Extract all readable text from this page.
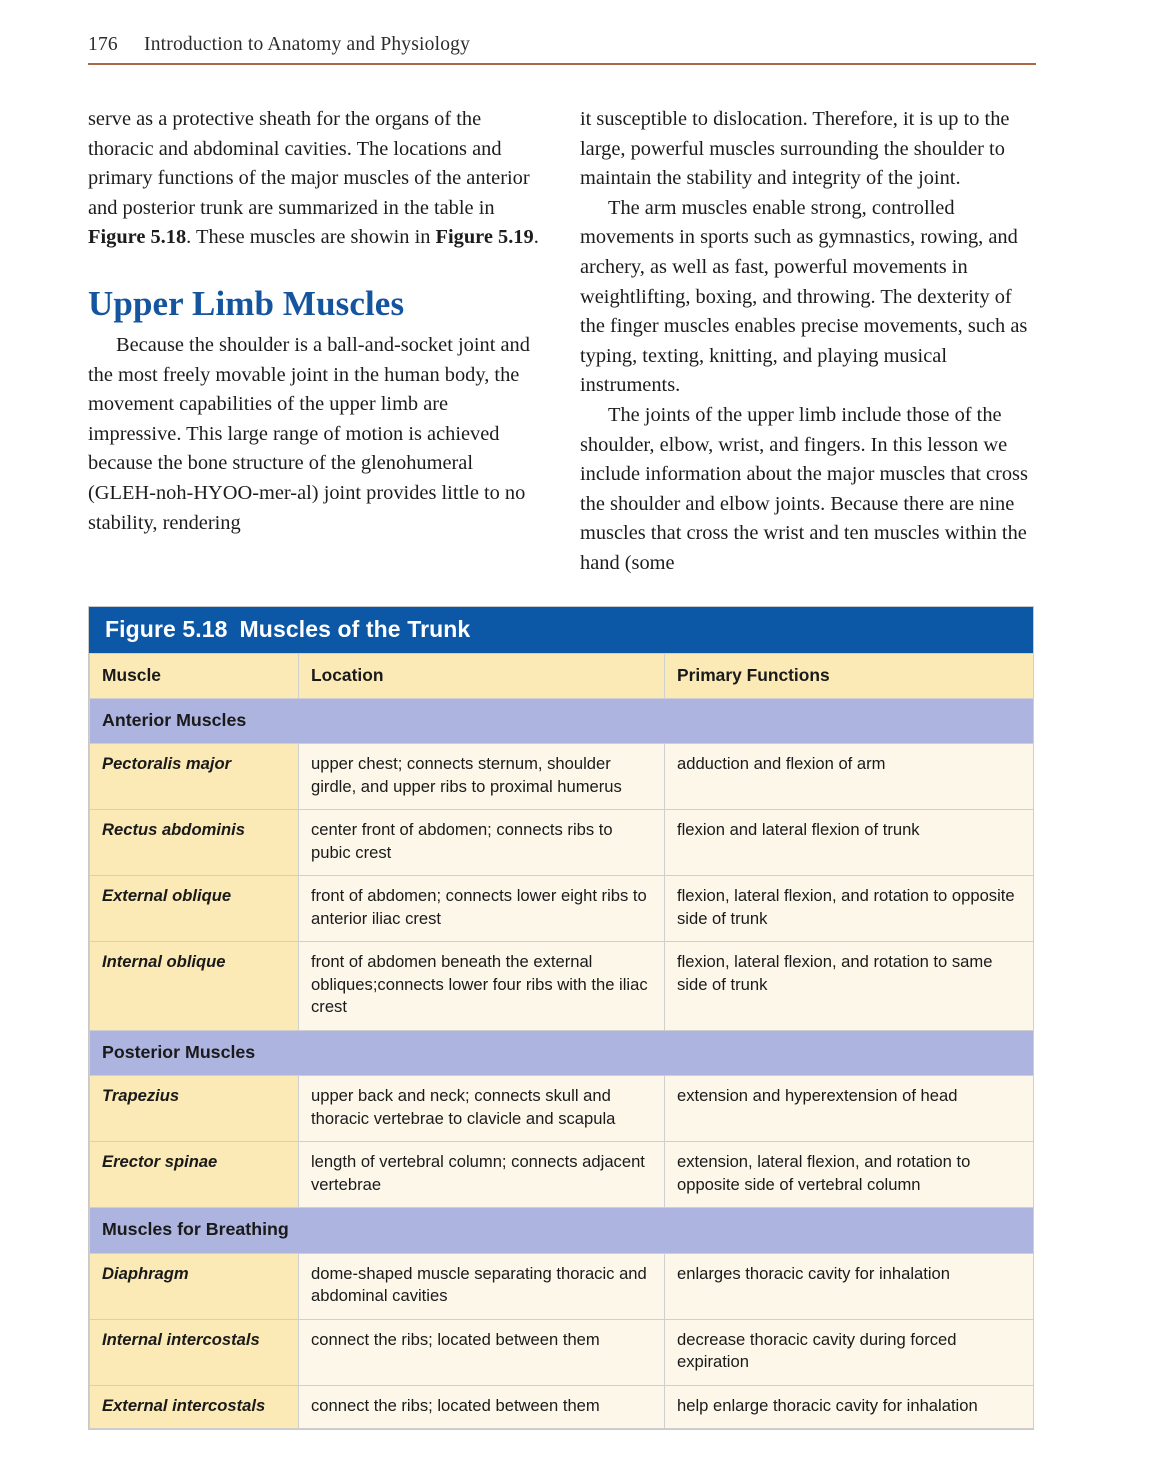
176	Introduction to Anatomy and Physiology

serve as a protective sheath for the organs of the thoracic and abdominal cavities. The locations and primary functions of the major muscles of the anterior and posterior trunk are summarized in the table in Figure 5.18. These muscles are showin in Figure 5.19.

Upper Limb Muscles

Because the shoulder is a ball-and-socket joint and the most freely movable joint in the human body, the movement capabilities of the upper limb are impressive. This large range of motion is achieved because the bone structure of the glenohumeral (GLEH-noh-HYOO-mer-al) joint provides little to no stability, rendering

it susceptible to dislocation. Therefore, it is up to the large, powerful muscles surrounding the shoulder to maintain the stability and integrity of the joint.

The arm muscles enable strong, controlled movements in sports such as gymnastics, rowing, and archery, as well as fast, powerful movements in weightlifting, boxing, and throwing. The dexterity of the finger muscles enables precise movements, such as typing, texting, knitting, and playing musical instruments.

The joints of the upper limb include those of the shoulder, elbow, wrist, and fingers. In this lesson we include information about the major muscles that cross the shoulder and elbow joints. Because there are nine muscles that cross the wrist and ten muscles within the hand (some

Figure 5.18 Muscles of the Trunk
Muscle	Location	Primary Functions
Anterior Muscles		
Pectoralis major	upper chest; connects sternum, shoulder girdle, and upper ribs to proximal humerus	adduction and flexion of arm
Rectus abdominis	center front of abdomen; connects ribs to pubic crest	flexion and lateral flexion of trunk
External oblique	front of abdomen; connects lower eight ribs to anterior iliac crest	flexion, lateral flexion, and rotation to opposite side of trunk
Internal oblique	front of abdomen beneath the external obliques;connects lower four ribs with the iliac crest	flexion, lateral flexion, and rotation to same side of trunk
Posterior Muscles		
Trapezius	upper back and neck; connects skull and thoracic vertebrae to clavicle and scapula	extension and hyperextension of head
Erector spinae	length of vertebral column; connects adjacent vertebrae	extension, lateral flexion, and rotation to opposite side of vertebral column
Muscles for Breathing		
Diaphragm	dome-shaped muscle separating thoracic and abdominal cavities	enlarges thoracic cavity for inhalation
Internal intercostals	connect the ribs; located between them	decrease thoracic cavity during forced expiration
External intercostals	connect the ribs; located between them	help enlarge thoracic cavity for inhalation
